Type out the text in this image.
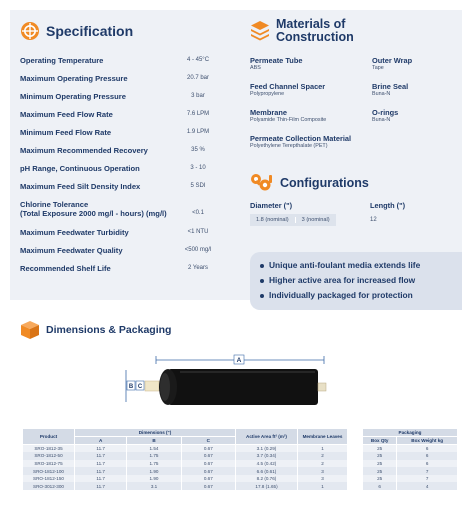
Specification
Operating Temperature	4 - 45°C
Maximum Operating Pressure	20.7 bar
Minimum Operating Pressure	3 bar
Maximum Feed Flow Rate	7.6 LPM
Minimum Feed Flow Rate	1.9 LPM
Maximum Recommended Recovery	35 %
pH Range, Continuous Operation	3 - 10
Maximum Feed Silt Density Index	5 SDI
Chlorine Tolerance
(Total Exposure 2000 mg/l - hours) (mg/l)	<0.1
Maximum Feedwater Turbidity	<1 NTU
Maximum Feedwater Quality	<500 mg/l
Recommended Shelf Life	2 Years
Materials of
Construction
Permeate Tube
ABS
Outer Wrap
Tape
Feed Channel Spacer
Polypropylene
Brine Seal
Buna-N
Membrane
Polyamide Thin-Film Composite
O-rings
Buna-N
Permeate Collection Material
Polyethylene Terepthalate (PET)
Configurations
Diameter (")	Length (")
1.8 (nominal)	3 (nominal)	12
Unique anti-foulant media extends life
Higher active area for increased flow
Individually packaged for protection
Dimensions & Packaging
A
B C
Product	Dimensions (")			Active Area ft² (m²)	Membrane Leaves
	A	B	C		
SRO-1812-35	11.7	1.54	0.67	3.1 (0.29)	1
SRO-1812-50	11.7	1.75	0.67	3.7 (0.34)	2
SRO-1812-75	11.7	1.75	0.67	4.5 (0.42)	2
SRO-1812-100	11.7	1.90	0.67	6.6 (0.61)	3
SRO-1812-150	11.7	1.90	0.67	8.2 (0.76)	3
SRO-3012-300	11.7	3.1	0.67	17.8 (1.65)	1
Packaging	
Box Qty	Box Weight kg
25	6
25	6
25	6
25	7
25	7
6	4
